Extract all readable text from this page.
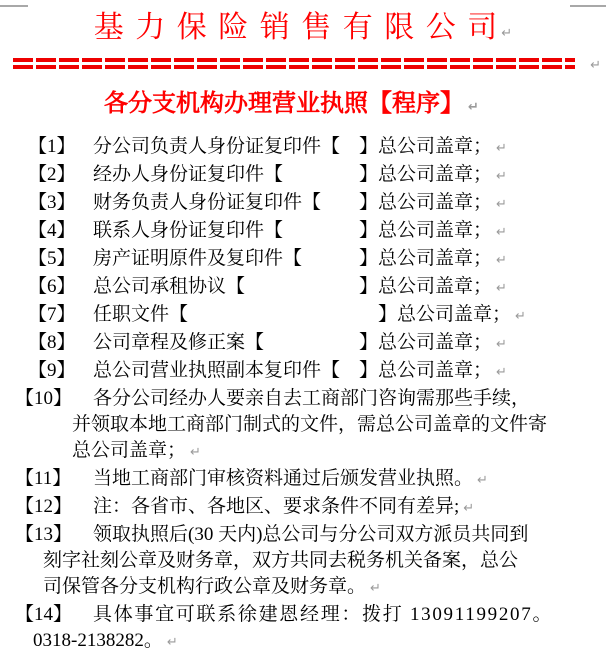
基 力 保 险 销 售 有 限 公 司 ↵
↵
各分支机构办理营业执照【程序】 ↵
【1】 分公司负责人身份证复印件【　】总公司盖章； ↵
【2】 经办人身份证复印件【　　　　】总公司盖章； ↵
【3】 财务负责人身份证复印件【　　】总公司盖章； ↵
【4】 联系人身份证复印件【　　　　】总公司盖章； ↵
【5】 房产证明原件及复印件【　　　】总公司盖章； ↵
【6】 总公司承租协议【　　　　　　】总公司盖章； ↵
【7】 任职文件【　　　　　　　　　　】总公司盖章； ↵
【8】 公司章程及修正案【　　　　　】总公司盖章； ↵
【9】 总公司营业执照副本复印件【　】总公司盖章； ↵
【10】	各分公司经办人要亲自去工商部门咨询需那些手续，
并领取本地工商部门制式的文件，需总公司盖章的文件寄
总公司盖章； ↵
【11】	当地工商部门审核资料通过后颁发营业执照。 ↵
【12】	注：各省市、各地区、要求条件不同有差异; ↵
【13】	领取执照后(30 天内)总公司与分公司双方派员共同到
刻字社刻公章及财务章，双方共同去税务机关备案，总公
司保管各分支机构行政公章及财务章。 ↵
【14】	具体事宜可联系徐建恩经理：拨打 13091199207。
0318-2138282。 ↵
